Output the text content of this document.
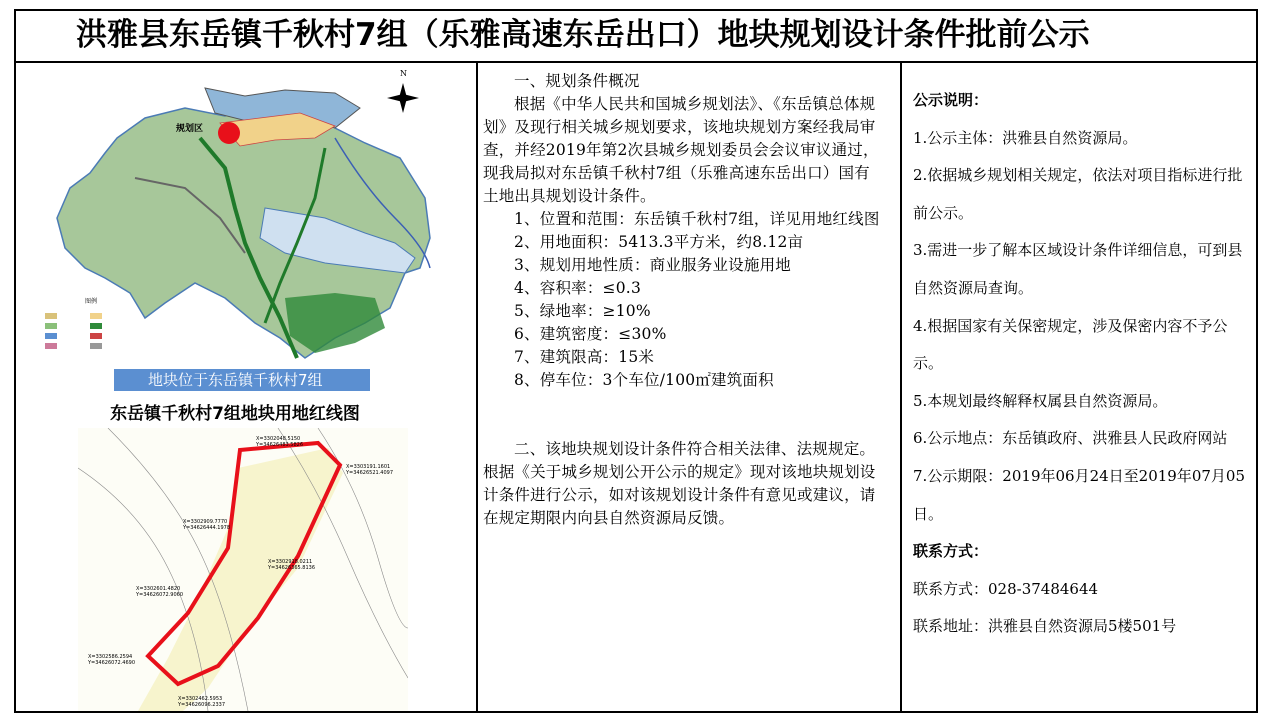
洪雅县东岳镇千秋村7组（乐雅高速东岳出口）地块规划设计条件批前公示
规划区
N
图例
地块位于东岳镇千秋村7组
东岳镇千秋村7组地块用地红线图
X=3302048.5150 Y=34626483.5826
X=3303191.1601 Y=34626521.4097
X=3302909.7770 Y=34626444.1978
X=3302918.0211 Y=34626365.8136
X=3302601.4820 Y=34626072.9060
X=3302586.2594 Y=34626072.4690
X=3302462.5953 Y=34626096.2337

一、规划条件概况

根据《中华人民共和国城乡规划法》、《东岳镇总体规划》及现行相关城乡规划要求，该地块规划方案经我局审查，并经2019年第2次县城乡规划委员会会议审议通过，现我局拟对东岳镇千秋村7组（乐雅高速东岳出口）国有土地出具规划设计条件。

1、位置和范围：东岳镇千秋村7组，详见用地红线图

2、用地面积：5413.3平方米，约8.12亩

3、规划用地性质：商业服务业设施用地

4、容积率：≤0.3

5、绿地率：≥10%

6、建筑密度：≤30%

7、建筑限高：15米

8、停车位：3个车位/100㎡建筑面积

二、该地块规划设计条件符合相关法律、法规规定。根据《关于城乡规划公开公示的规定》现对该地块规划设计条件进行公示，如对该规划设计条件有意见或建议，请在规定期限内向县自然资源局反馈。

公示说明：

1.公示主体：洪雅县自然资源局。

2.依据城乡规划相关规定，依法对项目指标进行批前公示。

3.需进一步了解本区域设计条件详细信息，可到县自然资源局查询。

4.根据国家有关保密规定，涉及保密内容不予公示。

5.本规划最终解释权属县自然资源局。

6.公示地点：东岳镇政府、洪雅县人民政府网站

7.公示期限：2019年06月24日至2019年07月05日。

联系方式：

联系方式：028-37484644

联系地址：洪雅县自然资源局5楼501号
